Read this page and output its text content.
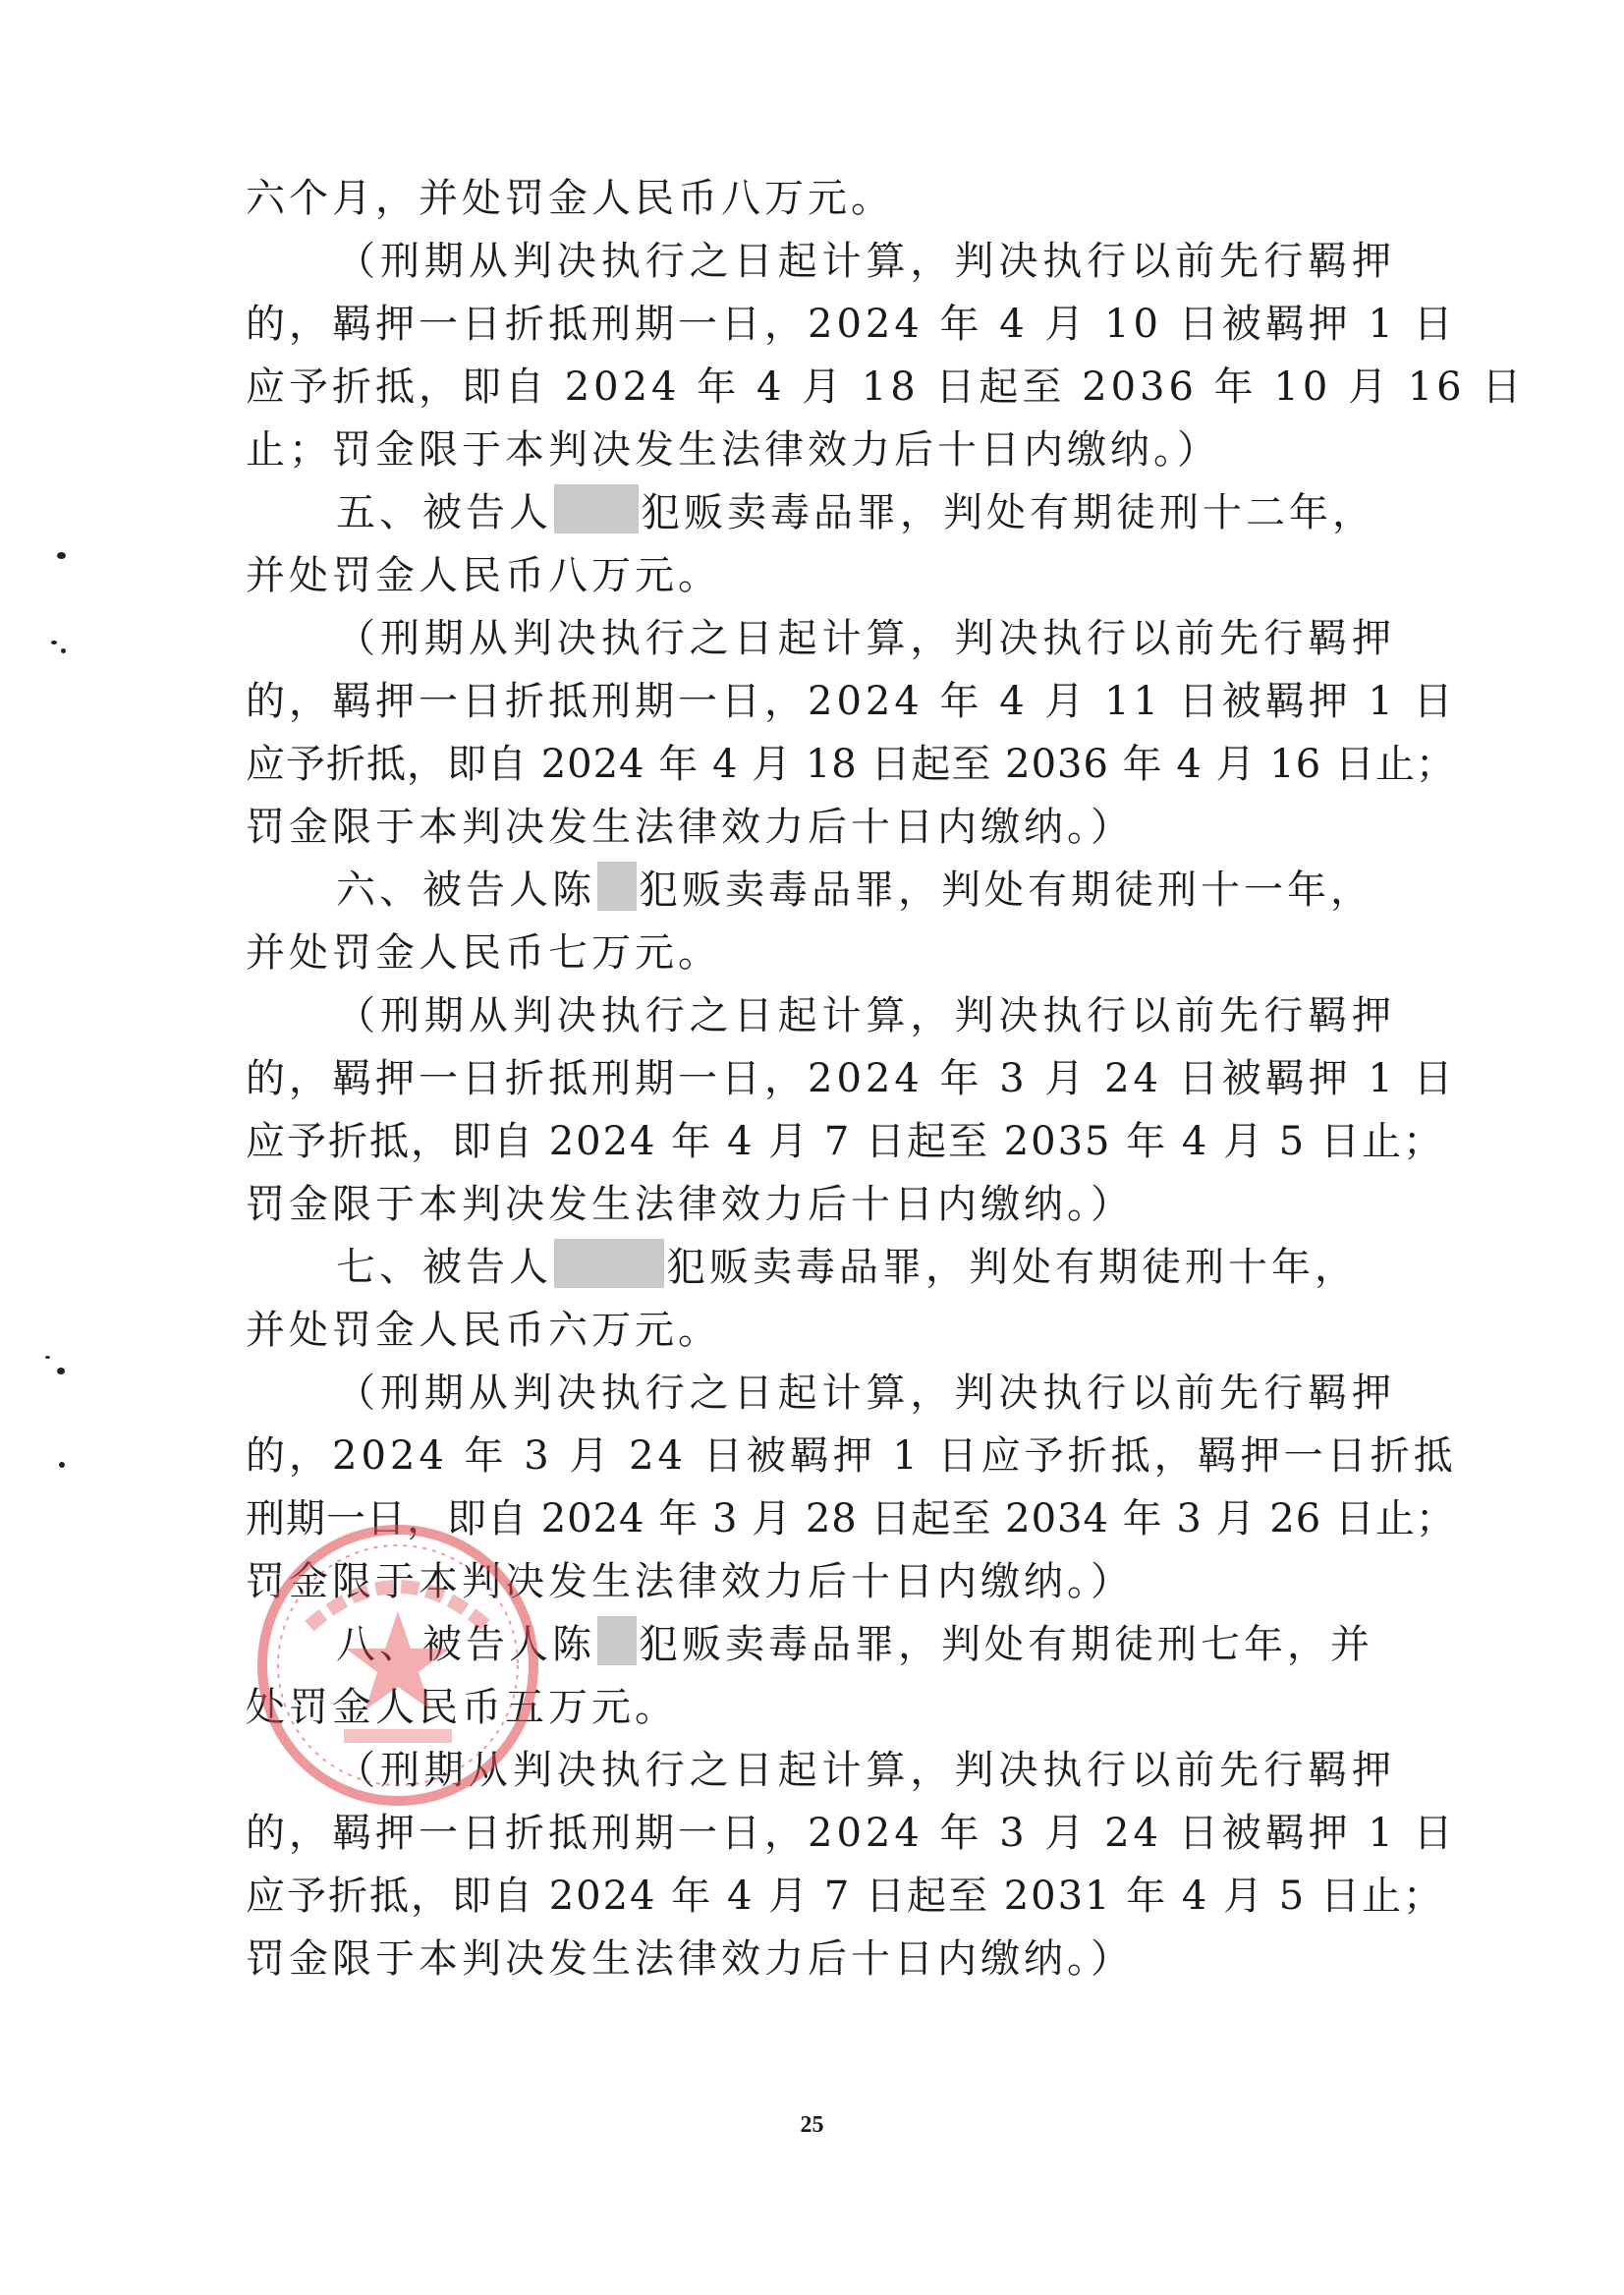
六个月，并处罚金人民币八万元。
（刑期从判决执行之日起计算，判决执行以前先行羁押
的，羁押一日折抵刑期一日，2024 年 4 月 10 日被羁押 1 日
应予折抵，即自 2024 年 4 月 18 日起至 2036 年 10 月 16 日
止；罚金限于本判决发生法律效力后十日内缴纳。）
五、被告人 犯贩卖毒品罪，判处有期徒刑十二年，
并处罚金人民币八万元。
（刑期从判决执行之日起计算，判决执行以前先行羁押
的，羁押一日折抵刑期一日，2024 年 4 月 11 日被羁押 1 日
应予折抵，即自 2024 年 4 月 18 日起至 2036 年 4 月 16 日止；
罚金限于本判决发生法律效力后十日内缴纳。）
六、被告人陈 犯贩卖毒品罪，判处有期徒刑十一年，
并处罚金人民币七万元。
（刑期从判决执行之日起计算，判决执行以前先行羁押
的，羁押一日折抵刑期一日，2024 年 3 月 24 日被羁押 1 日
应予折抵，即自 2024 年 4 月 7 日起至 2035 年 4 月 5 日止；
罚金限于本判决发生法律效力后十日内缴纳。）
七、被告人	犯贩卖毒品罪，判处有期徒刑十年，
并处罚金人民币六万元。
（刑期从判决执行之日起计算，判决执行以前先行羁押
的，2024 年 3 月 24 日被羁押 1 日应予折抵，羁押一日折抵
刑期一日，即自 2024 年 3 月 28 日起至 2034 年 3 月 26 日止；
罚金限于本判决发生法律效力后十日内缴纳。）
八、被告人陈 犯贩卖毒品罪，判处有期徒刑七年，并
处罚金人民币五万元。
（刑期从判决执行之日起计算，判决执行以前先行羁押
的，羁押一日折抵刑期一日，2024 年 3 月 24 日被羁押 1 日
应予折抵，即自 2024 年 4 月 7 日起至 2031 年 4 月 5 日止；
罚金限于本判决发生法律效力后十日内缴纳。）
25
